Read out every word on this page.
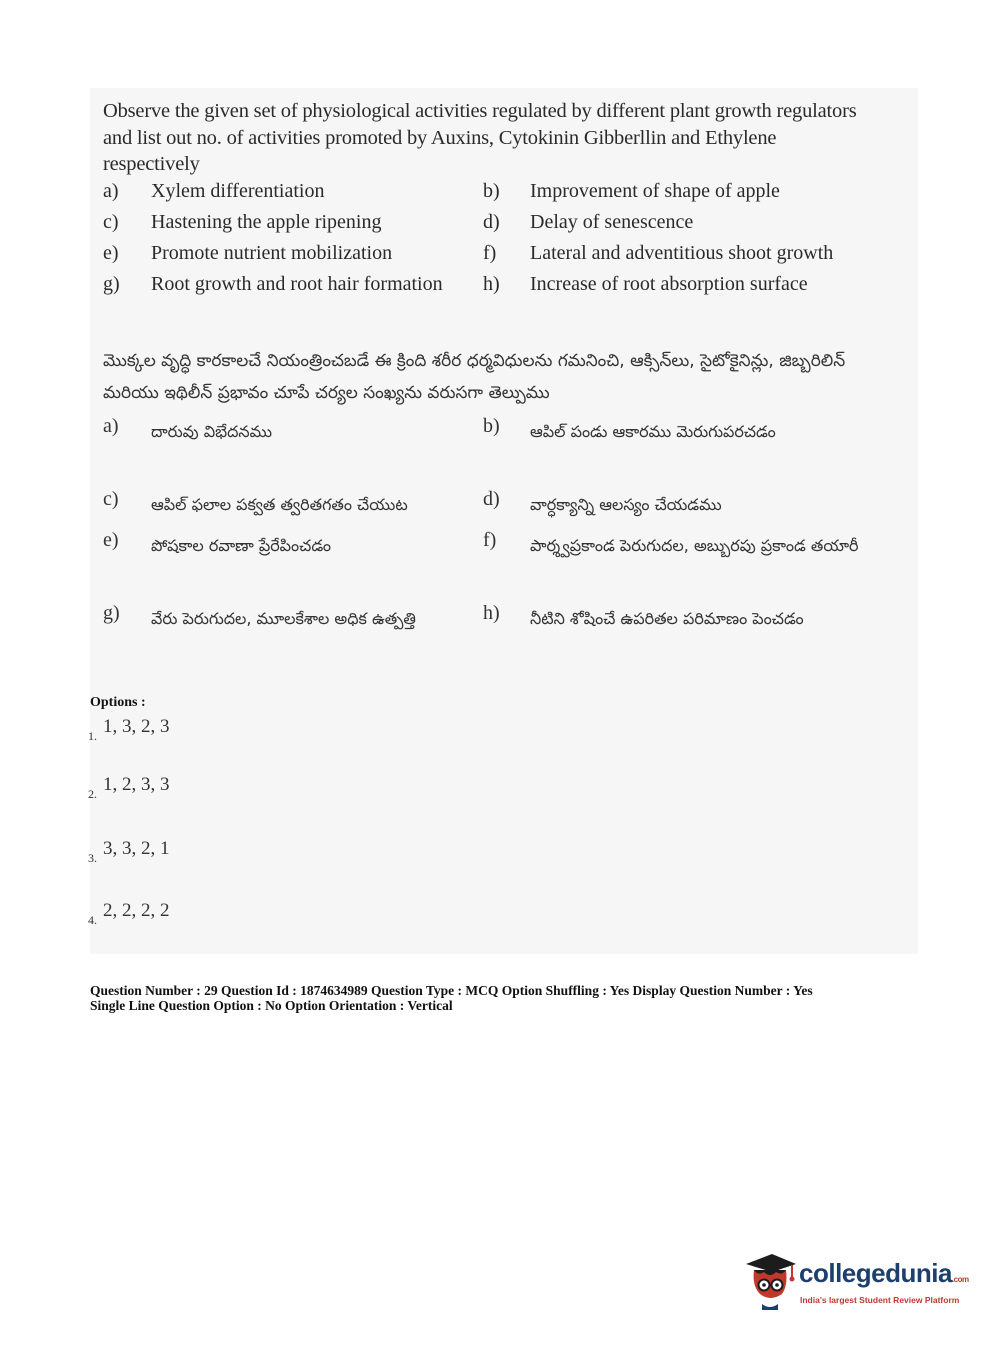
Observe the given set of physiological activities regulated by different plant growth regulators and list out no. of activities promoted by Auxins, Cytokinin Gibberllin and Ethylene respectively
a)	Xylem differentiation	b)	Improvement of shape of apple
c)	Hastening the apple ripening	d)	Delay of senescence
e)	Promote nutrient mobilization	f)	Lateral and adventitious shoot growth
g)	Root growth and root hair formation h)	Increase of root absorption surface
మొక్కల వృద్ధి కారకాలచే నియంత్రించబడే ఈ క్రింది శరీర ధర్మవిధులను గమనించి, ఆక్సిన్‌లు, సైటోకైనిన్లు, జిబ్బరిలిన్ మరియు ఇథిలీన్ ప్రభావం చూపే చర్యల సంఖ్యను వరుసగా తెల్పుము
a) దారువు విభేదనము	b) ఆపిల్ పండు ఆకారము మెరుగుపరచడం
c) ఆపిల్ ఫలాల పక్వత త్వరితగతం చేయుట	d) వార్ధక్యాన్ని ఆలస్యం చేయడము
e) పోషకాల రవాణా ప్రేరేపించడం	f) పార్శ్వప్రకాండ పెరుగుదల, అబ్బురపు ప్రకాండ తయారీ
g) వేరు పెరుగుదల, మూలకేశాల అధిక ఉత్పత్తి	h) నీటిని శోషించే ఉపరితల పరిమాణం పెంచడం
Options :
$_{1.}$ 1, 3, 2, 3
$_{2.}$ 1, 2, 3, 3
$_{3.}$ 3, 3, 2, 1
$_{4.}$ 2, 2, 2, 2
Question Number : 29 Question Id : 1874634989 Question Type : MCQ Option Shuffling : Yes Display Question Number : Yes
Single Line Question Option : No Option Orientation : Vertical
collegedunia.com
India's largest Student Review Platform
